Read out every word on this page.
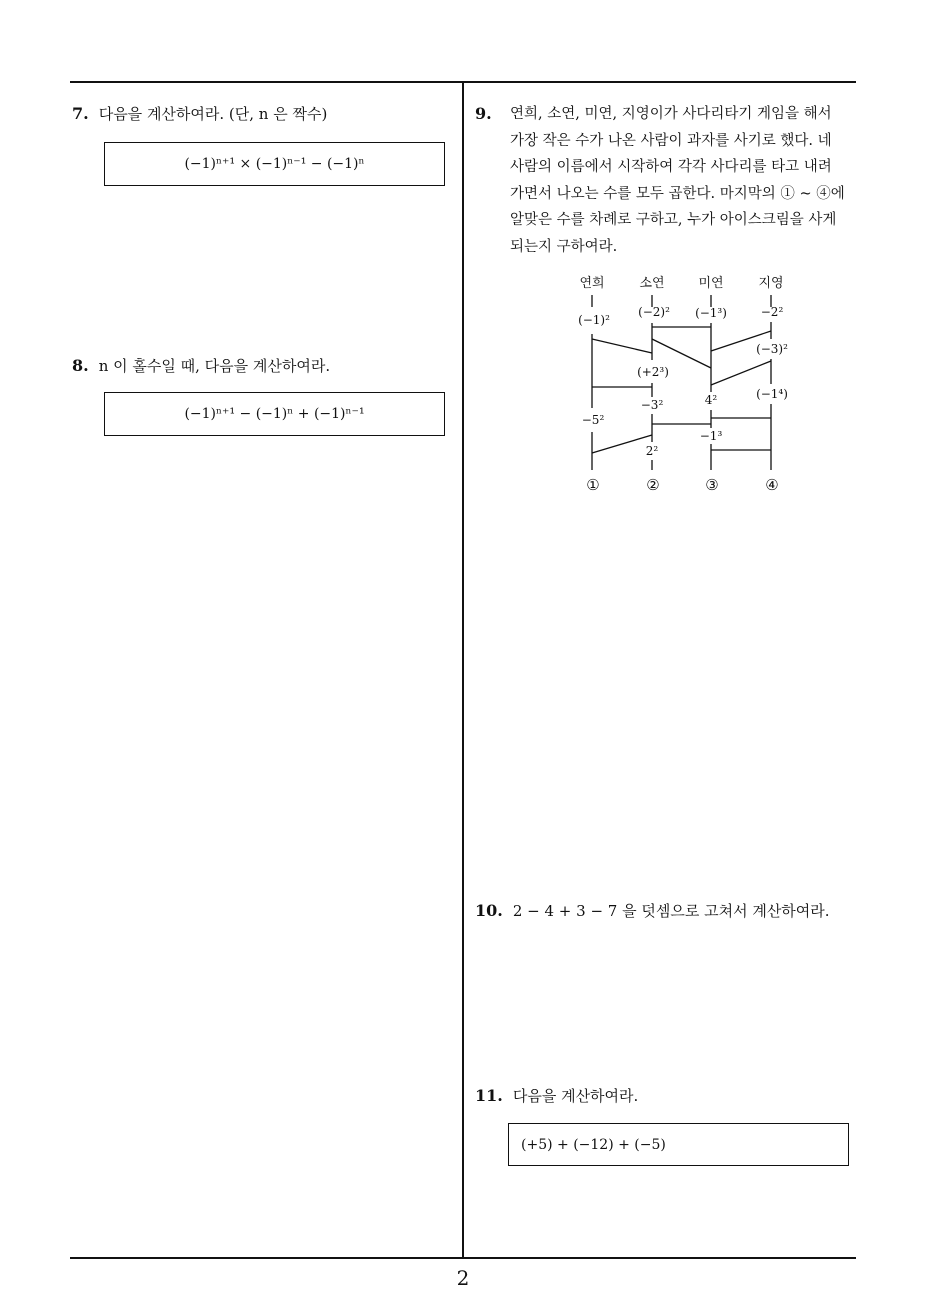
7. 다음을 계산하여라. (단, n 은 짝수)
(−1)ⁿ⁺¹ × (−1)ⁿ⁻¹ − (−1)ⁿ
8. n 이 홀수일 때, 다음을 계산하여라.
(−1)ⁿ⁺¹ − (−1)ⁿ + (−1)ⁿ⁻¹
9.	연희, 소연, 미연, 지영이가 사다리타기 게임을 해서
가장 작은 수가 나온 사람이 과자를 사기로 했다. 네
사람의 이름에서 시작하여 각각 사다리를 타고 내려
가면서 나오는 수를 모두 곱한다. 마지막의 ① ~ ④에
알맞은 수를 차례로 구하고, 누가 아이스크림을 사게
되는지 구하여라.
연희	소연	미연	지영
(−1)²
(−2)² (−1³)	−2²
(−3)²
(+2³)
(−1⁴)
−3²	4²
−5²
−1³
2²
①	②	③	④
10. 2 − 4 + 3 − 7 을 덧셈으로 고쳐서 계산하여라.
11. 다음을 계산하여라.
(+5) + (−12) + (−5)
2
